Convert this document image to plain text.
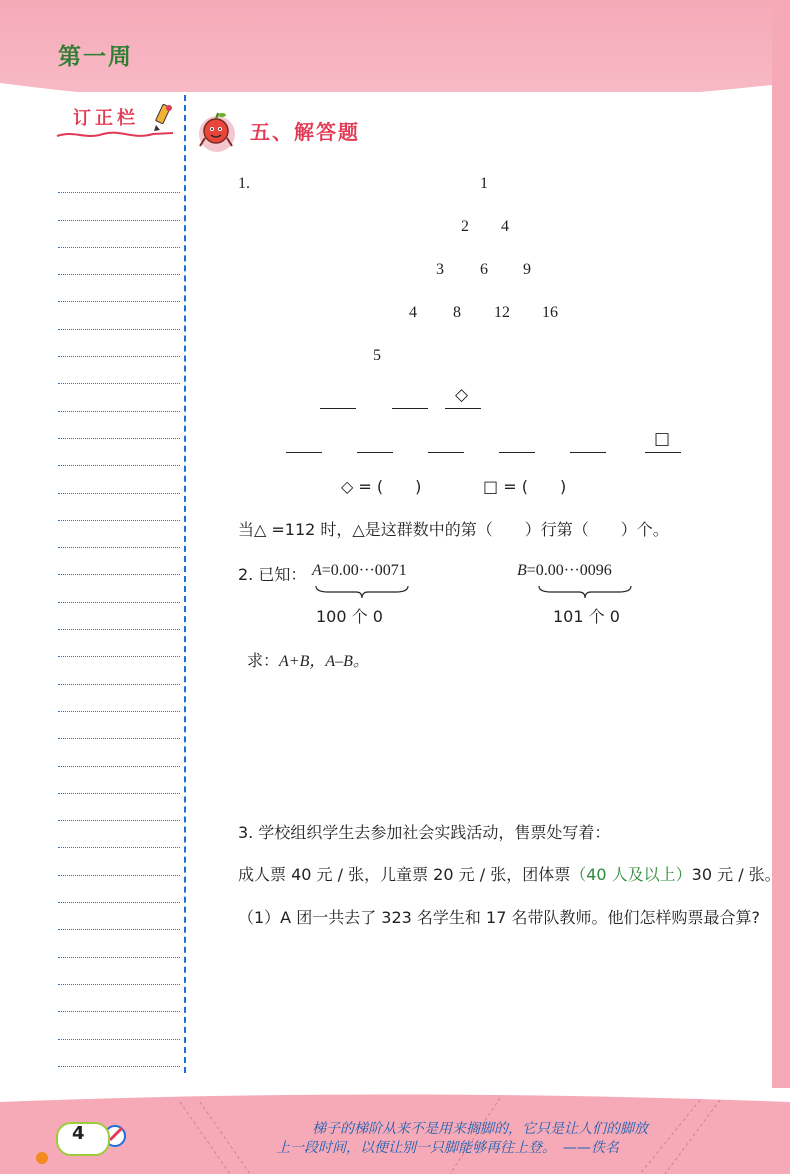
第一周
订正栏
五、解答题
1.	1
2 4
3 6 9
4 8 12 16
5
◇
□
◇ = (　　)	□ = (　　)
当△ =112 时，△是这群数中的第（　　）行第（　　）个。
2. 已知： A=0.00···0071
100 个 0
B=0.00···0096
101 个 0
求：A+B，A–B。
3. 学校组织学生去参加社会实践活动，售票处写着：
成人票 40 元 / 张，儿童票 20 元 / 张，团体票（40 人及以上）30 元 / 张。
（1）A 团一共去了 323 名学生和 17 名带队教师。他们怎样购票最合算?
4	梯子的梯阶从来不是用来搁脚的，它只是让人们的脚放
上一段时间，以便让别一只脚能够再往上登。　——佚名
